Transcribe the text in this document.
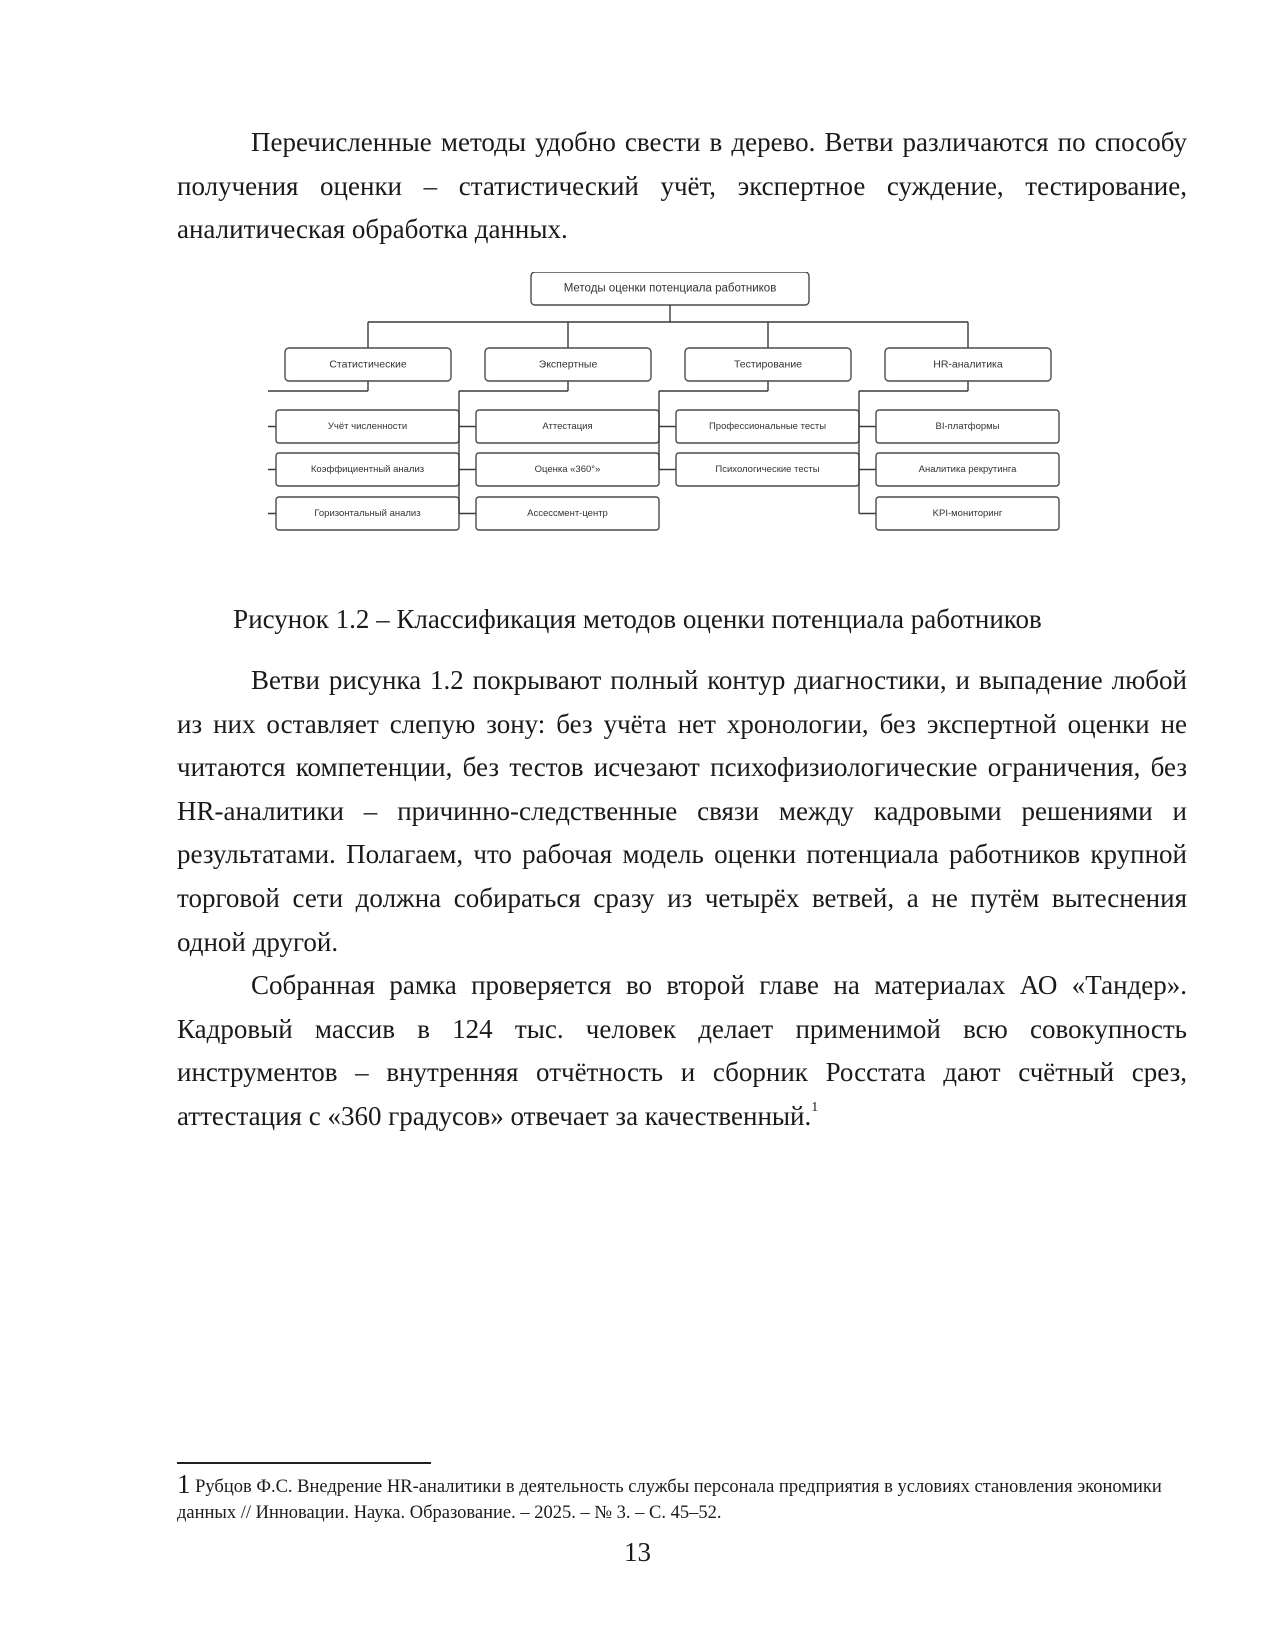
Перечисленные методы удобно свести в дерево. Ветви различаются по способу получения оценки – статистический учёт, экспертное суждение, тестирование, аналитическая обработка данных.

Методы оценки потенциала работников
Статистические
Учёт численности
Коэффициентный анализ
Горизонтальный анализ
Экспертные
Аттестация
Оценка «360°»
Ассессмент-центр
Тестирование
Профессиональные тесты
Психологические тесты
HR-аналитика
BI-платформы
Аналитика рекрутинга
KPI-мониторинг

Рисунок 1.2 – Классификация методов оценки потенциала работников

Ветви рисунка 1.2 покрывают полный контур диагностики, и выпадение любой из них оставляет слепую зону: без учёта нет хронологии, без экспертной оценки не читаются компетенции, без тестов исчезают психофизиологические ограничения, без HR-аналитики – причинно-следственные связи между кадровыми решениями и результатами. Полагаем, что рабочая модель оценки потенциала работников крупной торговой сети должна собираться сразу из четырёх ветвей, а не путём вытеснения одной другой.

Собранная рамка проверяется во второй главе на материалах АО «Тандер». Кадровый массив в 124 тыс. человек делает применимой всю совокупность инструментов – внутренняя отчётность и сборник Росстата дают счётный срез, аттестация с «360 градусов» отвечает за качественный.$^1$

1 Рубцов Ф.С. Внедрение HR-аналитики в деятельность службы персонала предприятия в условиях становления экономики данных // Инновации. Наука. Образование. – 2025. – № 3. – С. 45–52.

13
